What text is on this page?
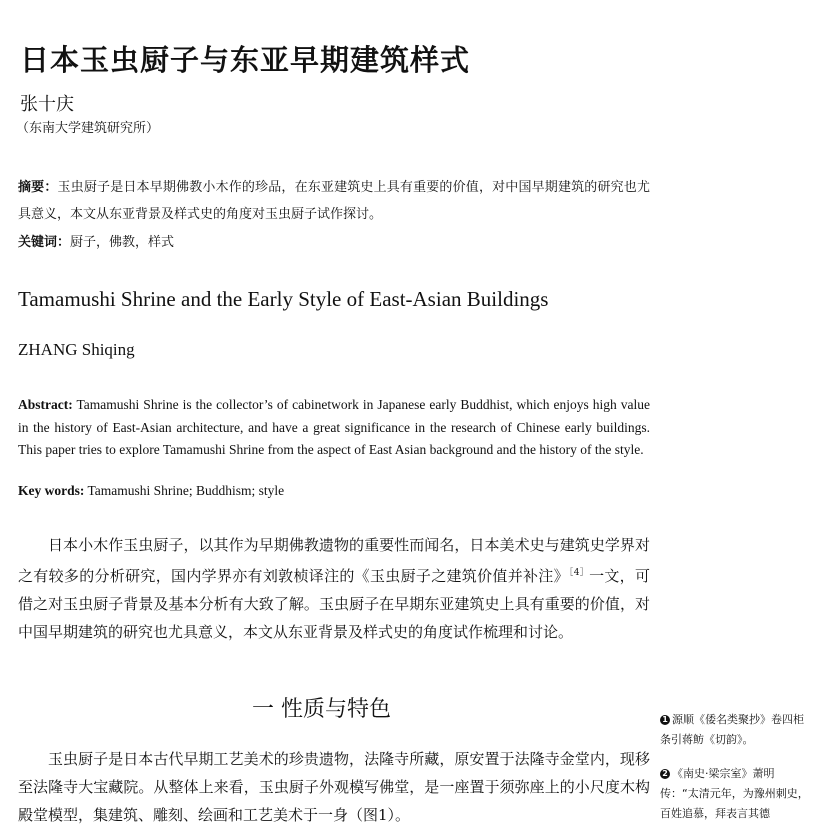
日本玉虫厨子与东亚早期建筑样式
张十庆
（东南大学建筑研究所）
摘要：玉虫厨子是日本早期佛教小木作的珍品，在东亚建筑史上具有重要的价值，对中国早期建筑的研究也尤具意义，本文从东亚背景及样式史的角度对玉虫厨子试作探讨。
关键词：厨子，佛教，样式
Tamamushi Shrine and the Early Style of East-Asian Buildings
ZHANG Shiqing
Abstract: Tamamushi Shrine is the collector’s of cabinetwork in Japanese early Buddhist, which enjoys high value in the history of East-Asian architecture, and have a great significance in the research of Chinese early buildings. This paper tries to explore Tamamushi Shrine from the aspect of East Asian background and the history of the style.
Key words: Tamamushi Shrine; Buddhism; style
日本小木作玉虫厨子，以其作为早期佛教遗物的重要性而闻名，日本美术史与建筑史学界对之有较多的分析研究，国内学界亦有刘敦桢译注的《玉虫厨子之建筑价值并补注》$^{[4]}$一文，可借之对玉虫厨子背景及基本分析有大致了解。玉虫厨子在早期东亚建筑史上具有重要的价值，对中国早期建筑的研究也尤具意义，本文从东亚背景及样式史的角度试作梳理和讨论。
一 性质与特色
玉虫厨子是日本古代早期工艺美术的珍贵遗物，法隆寺所藏，原安置于法隆寺金堂内，现移至法隆寺大宝藏院。从整体上来看，玉虫厨子外观模写佛堂，是一座置于须弥座上的小尺度木构殿堂模型，集建筑、雕刻、绘画和工艺美术于一身（图1）。
1 源顺《倭名类聚抄》卷四柜条引蒋鲂《切韵》。
2 《南史·梁宗室》萧明传：“太清元年，为豫州刺史，百姓追慕，拜表言其德
